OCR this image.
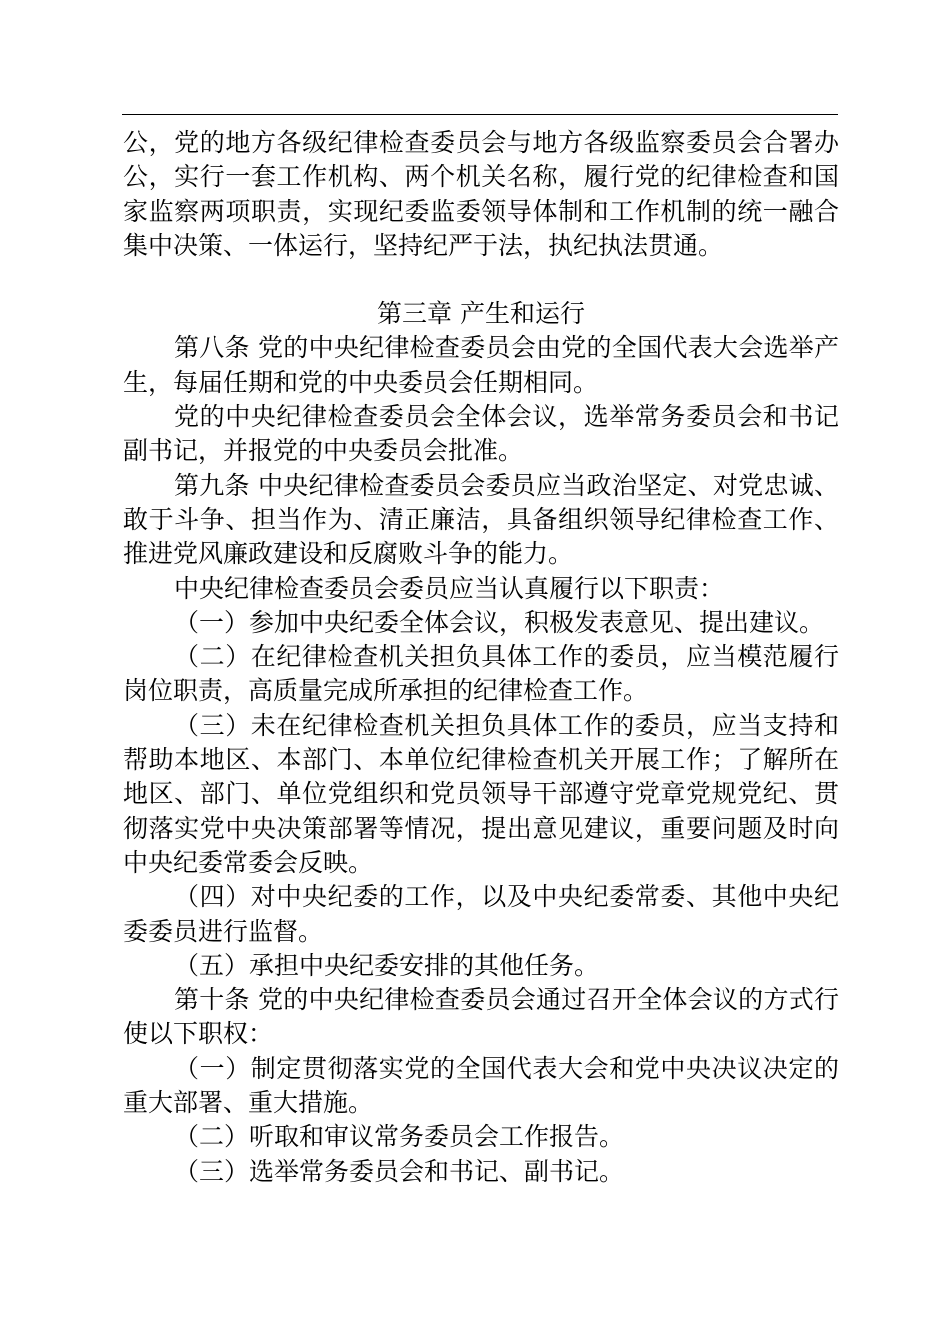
公，党的地方各级纪律检查委员会与地方各级监察委员会合署办公，实行一套工作机构、两个机关名称，履行党的纪律检查和国家监察两项职责，实现纪委监委领导体制和工作机制的统一融合集中决策、一体运行，坚持纪严于法，执纪执法贯通。

第三章 产生和运行

第八条 党的中央纪律检查委员会由党的全国代表大会选举产生，每届任期和党的中央委员会任期相同。

党的中央纪律检查委员会全体会议，选举常务委员会和书记副书记，并报党的中央委员会批准。

第九条 中央纪律检查委员会委员应当政治坚定、对党忠诚、敢于斗争、担当作为、清正廉洁，具备组织领导纪律检查工作、推进党风廉政建设和反腐败斗争的能力。

中央纪律检查委员会委员应当认真履行以下职责：

（一）参加中央纪委全体会议，积极发表意见、提出建议。

（二）在纪律检查机关担负具体工作的委员，应当模范履行岗位职责，高质量完成所承担的纪律检查工作。

（三）未在纪律检查机关担负具体工作的委员，应当支持和帮助本地区、本部门、本单位纪律检查机关开展工作；了解所在地区、部门、单位党组织和党员领导干部遵守党章党规党纪、贯彻落实党中央决策部署等情况，提出意见建议，重要问题及时向中央纪委常委会反映。

（四）对中央纪委的工作，以及中央纪委常委、其他中央纪委委员进行监督。

（五）承担中央纪委安排的其他任务。

第十条 党的中央纪律检查委员会通过召开全体会议的方式行使以下职权：

（一）制定贯彻落实党的全国代表大会和党中央决议决定的重大部署、重大措施。

（二）听取和审议常务委员会工作报告。

（三）选举常务委员会和书记、副书记。
